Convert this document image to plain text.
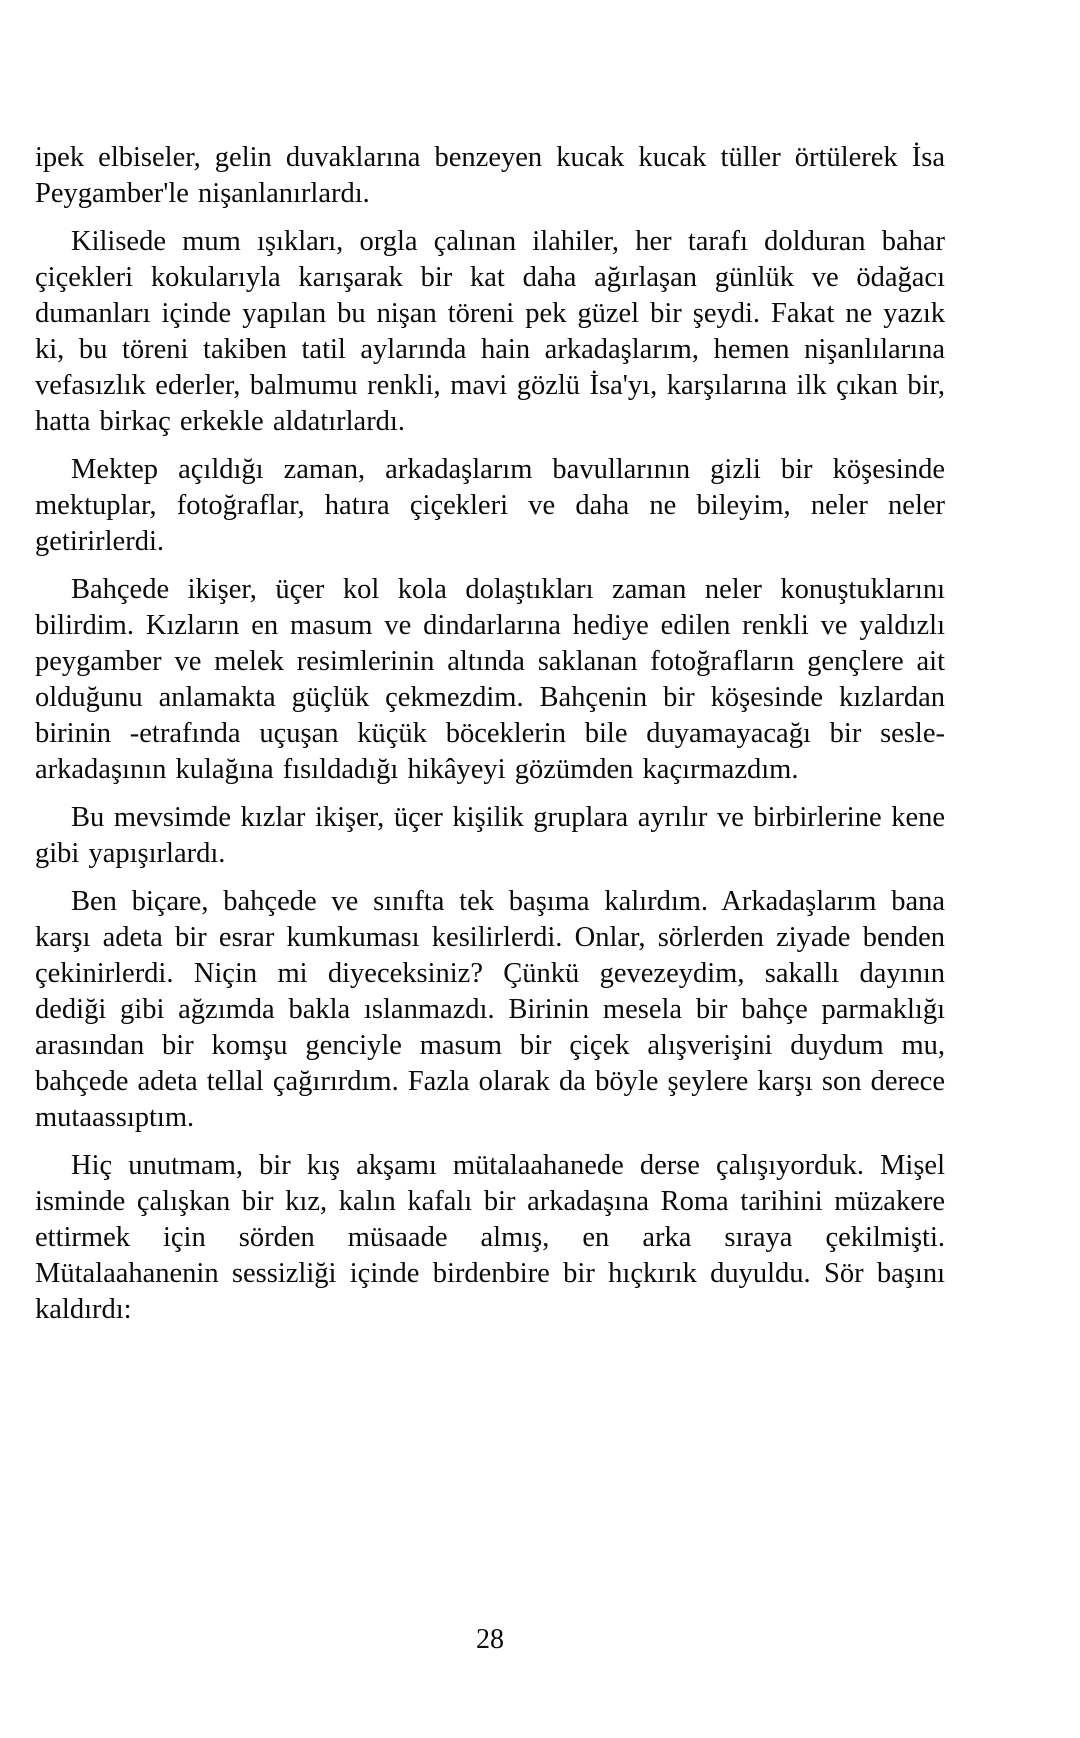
ipek elbiseler, gelin duvaklarına benzeyen kucak kucak tüller örtülerek İsa Peygamber'le nişanlanırlardı.

Kilisede mum ışıkları, orgla çalınan ilahiler, her tarafı dolduran bahar çiçekleri kokularıyla karışarak bir kat daha ağırlaşan günlük ve ödağacı dumanları içinde yapılan bu nişan töreni pek güzel bir şeydi. Fakat ne yazık ki, bu töreni takiben tatil aylarında hain arkadaşlarım, hemen nişanlılarına vefasızlık ederler, balmumu renkli, mavi gözlü İsa'yı, karşılarına ilk çıkan bir, hatta birkaç erkekle aldatırlardı.

Mektep açıldığı zaman, arkadaşlarım bavullarının gizli bir köşesinde mektuplar, fotoğraflar, hatıra çiçekleri ve daha ne bileyim, neler neler getirirlerdi.

Bahçede ikişer, üçer kol kola dolaştıkları zaman neler konuştuklarını bilirdim. Kızların en masum ve dindarlarına hediye edilen renkli ve yaldızlı peygamber ve melek resimlerinin altında saklanan fotoğrafların gençlere ait olduğunu anlamakta güçlük çekmezdim. Bahçenin bir köşesinde kızlardan birinin -etrafında uçuşan küçük böceklerin bile duyamayacağı bir sesle- arkadaşının kulağına fısıldadığı hikâyeyi gözümden kaçırmazdım.

Bu mevsimde kızlar ikişer, üçer kişilik gruplara ayrılır ve birbirlerine kene gibi yapışırlardı.

Ben biçare, bahçede ve sınıfta tek başıma kalırdım. Arkadaşlarım bana karşı adeta bir esrar kumkuması kesilirlerdi. Onlar, sörlerden ziyade benden çekinirlerdi. Niçin mi diyeceksiniz? Çünkü gevezeydim, sakallı dayının dediği gibi ağzımda bakla ıslanmazdı. Birinin mesela bir bahçe parmaklığı arasından bir komşu genciyle masum bir çiçek alışverişini duydum mu, bahçede adeta tellal çağırırdım. Fazla olarak da böyle şeylere karşı son derece mutaassıptım.

Hiç unutmam, bir kış akşamı mütalaahanede derse çalışıyorduk. Mişel isminde çalışkan bir kız, kalın kafalı bir arkadaşına Roma tarihini müzakere ettirmek için sörden müsaade almış, en arka sıraya çekilmişti. Mütalaahanenin sessizliği içinde birdenbire bir hıçkırık duyuldu. Sör başını kaldırdı:

28
